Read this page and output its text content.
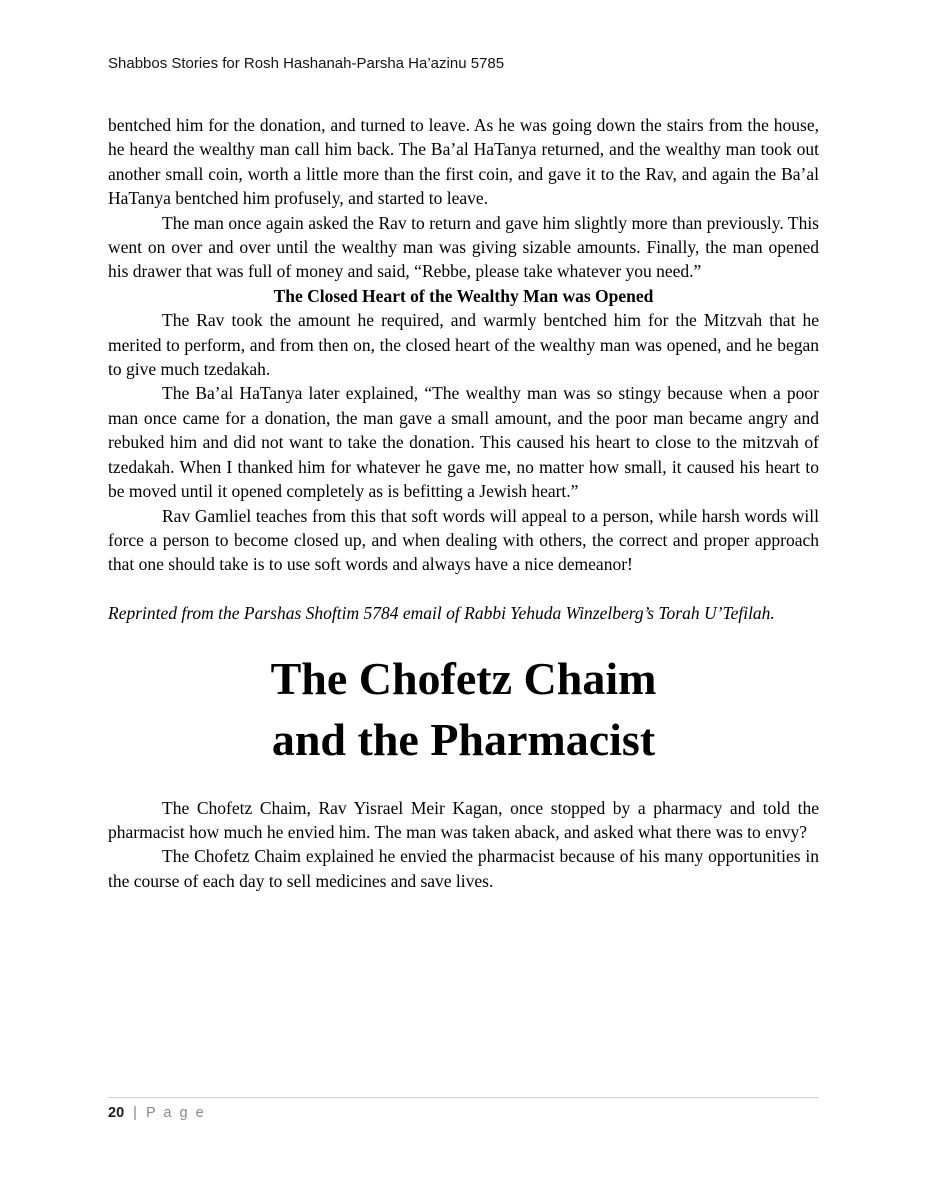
Shabbos Stories for Rosh Hashanah-Parsha Ha’azinu 5785

bentched him for the donation, and turned to leave. As he was going down the stairs from the house, he heard the wealthy man call him back. The Ba’al HaTanya returned, and the wealthy man took out another small coin, worth a little more than the first coin, and gave it to the Rav, and again the Ba’al HaTanya bentched him profusely, and started to leave.

The man once again asked the Rav to return and gave him slightly more than previously. This went on over and over until the wealthy man was giving sizable amounts. Finally, the man opened his drawer that was full of money and said, “Rebbe, please take whatever you need.”

The Closed Heart of the Wealthy Man was Opened

The Rav took the amount he required, and warmly bentched him for the Mitzvah that he merited to perform, and from then on, the closed heart of the wealthy man was opened, and he began to give much tzedakah.

The Ba’al HaTanya later explained, “The wealthy man was so stingy because when a poor man once came for a donation, the man gave a small amount, and the poor man became angry and rebuked him and did not want to take the donation. This caused his heart to close to the mitzvah of tzedakah. When I thanked him for whatever he gave me, no matter how small, it caused his heart to be moved until it opened completely as is befitting a Jewish heart.”

Rav Gamliel teaches from this that soft words will appeal to a person, while harsh words will force a person to become closed up, and when dealing with others, the correct and proper approach that one should take is to use soft words and always have a nice demeanor!

Reprinted from the Parshas Shoftim 5784 email of Rabbi Yehuda Winzelberg’s Torah U’Tefilah.

The Chofetz Chaim
and the Pharmacist

The Chofetz Chaim, Rav Yisrael Meir Kagan, once stopped by a pharmacy and told the pharmacist how much he envied him. The man was taken aback, and asked what there was to envy?

The Chofetz Chaim explained he envied the pharmacist because of his many opportunities in the course of each day to sell medicines and save lives.

20 | P a g e
